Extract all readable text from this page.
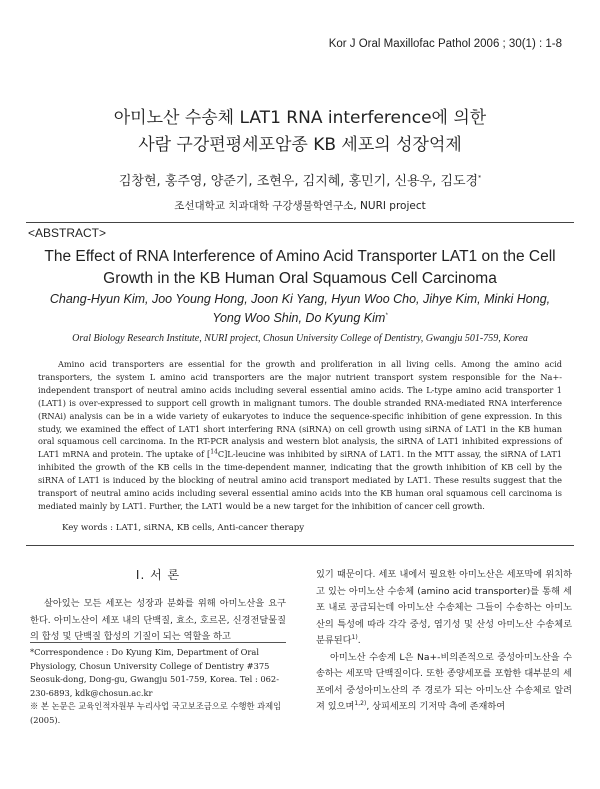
Kor J Oral Maxillofac Pathol 2006 ; 30(1) : 1-8
아미노산 수송체 LAT1 RNA interference에 의한
사람 구강편평세포암종 KB 세포의 성장억제
김창현, 홍주영, 양준기, 조현우, 김지혜, 홍민기, 신용우, 김도경*
조선대학교 치과대학 구강생물학연구소, NURI project
<ABSTRACT>
The Effect of RNA Interference of Amino Acid Transporter LAT1 on the Cell
Growth in the KB Human Oral Squamous Cell Carcinoma
Chang-Hyun Kim, Joo Young Hong, Joon Ki Yang, Hyun Woo Cho, Jihye Kim, Minki Hong,
Yong Woo Shin, Do Kyung Kim*
Oral Biology Research Institute, NURI project, Chosun University College of Dentistry, Gwangju 501-759, Korea
Amino acid transporters are essential for the growth and proliferation in all living cells. Among the amino acid transporters, the system L amino acid transporters are the major nutrient transport system responsible for the Na+-independent transport of neutral amino acids including several essential amino acids. The L-type amino acid transporter 1 (LAT1) is over-expressed to support cell growth in malignant tumors. The double stranded RNA-mediated RNA interference (RNAi) analysis can be in a wide variety of eukaryotes to induce the sequence-specific inhibition of gene expression. In this study, we examined the effect of LAT1 short interfering RNA (siRNA) on cell growth using siRNA of LAT1 in the KB human oral squamous cell carcinoma. In the RT-PCR analysis and western blot analysis, the siRNA of LAT1 inhibited expressions of LAT1 mRNA and protein. The uptake of [$^{14}$C]L-leucine was inhibited by siRNA of LAT1. In the MTT assay, the siRNA of LAT1 inhibited the growth of the KB cells in the time-dependent manner, indicating that the growth inhibition of KB cell by the siRNA of LAT1 is induced by the blocking of neutral amino acid transport mediated by LAT1. These results suggest that the transport of neutral amino acids including several essential amino acids into the KB human oral squamous cell carcinoma is mediated mainly by LAT1. Further, the LAT1 would be a new target for the inhibition of cancer cell growth.
Key words : LAT1, siRNA, KB cells, Anti-cancer therapy
I. 서 론
살아있는 모든 세포는 성장과 분화를 위해 아미노산을 요구한다. 아미노산이 세포 내의 단백질, 효소, 호르몬, 신경전달물질의 합성 및 단백질 합성의 기질이 되는 역할을 하고
*Correspondence : Do Kyung Kim, Department of Oral Physiology, Chosun University College of Dentistry #375 Seosuk-dong, Dong-gu, Gwangju 501-759, Korea. Tel : 062-230-6893, kdk@chosun.ac.kr
※ 본 논문은 교육인적자원부 누리사업 국고보조금으로 수행한 과제임(2005).

있기 때문이다. 세포 내에서 필요한 아미노산은 세포막에 위치하고 있는 아미노산 수송체 (amino acid transporter)를 통해 세포 내로 공급되는데 아미노산 수송체는 그들이 수송하는 아미노산의 특성에 따라 각각 중성, 염기성 및 산성 아미노산 수송체로 분류된다$^{1)}$.

아미노산 수송계 L은 Na+-비의존적으로 중성아미노산을 수송하는 세포막 단백질이다. 또한 종양세포를 포함한 대부분의 세포에서 중성아미노산의 주 경로가 되는 아미노산 수송체로 알려져 있으며$^{1,2)}$, 상피세포의 기저막 측에 존재하여
